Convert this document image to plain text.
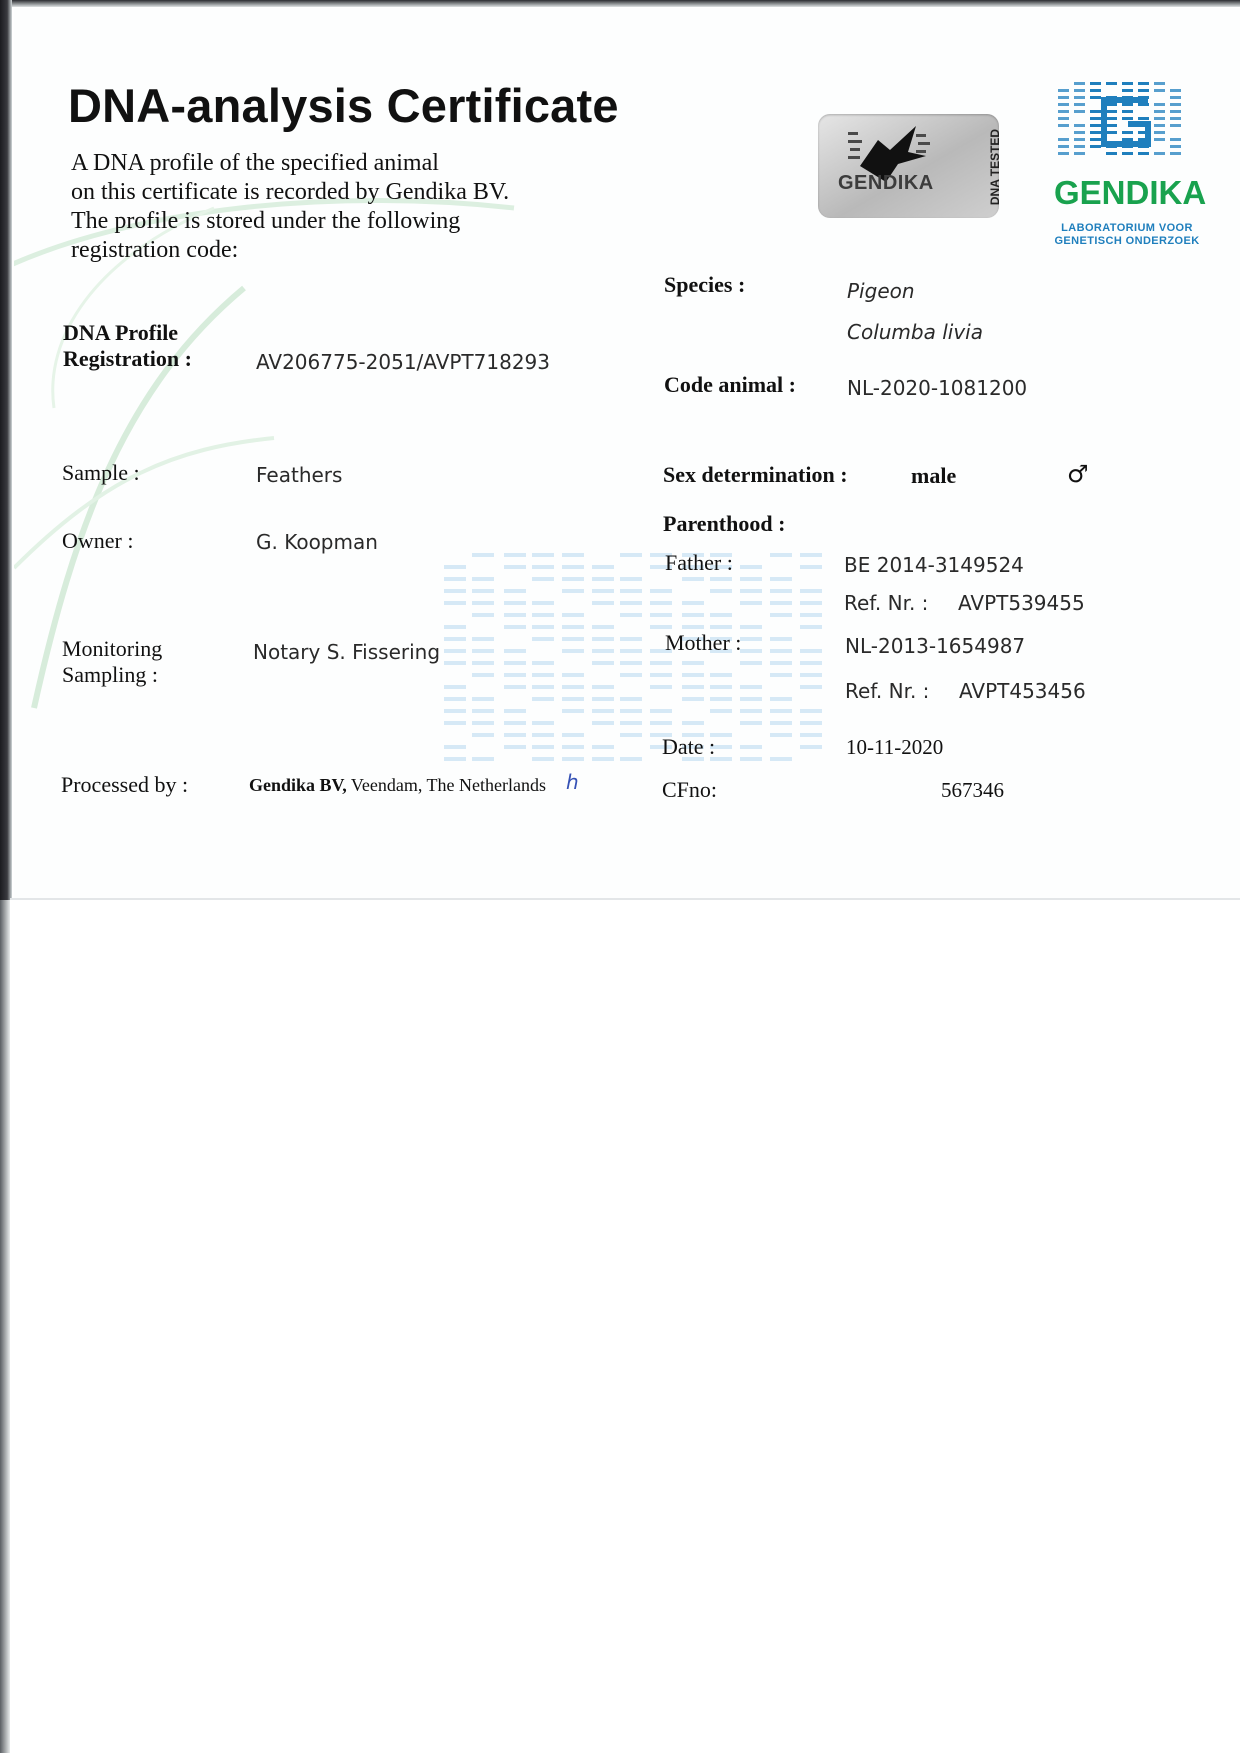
DNA-analysis Certificate
A DNA profile of the specified animal
on this certificate is recorded by Gendika BV.
The profile is stored under the following
registration code:
GENDIKA	DNA TESTED GENDIKA
LABORATORIUM VOOR
GENETISCH ONDERZOEK
DNA Profile
Registration :	AV206775-2051/AVPT718293
Sample :	Feathers
Owner :	G. Koopman
Monitoring
Sampling :
Notary S. Fissering
Processed by :	Gendika BV, Veendam, The Netherlands h
Species :	Pigeon
Columba livia
Code animal :	NL-2020-1081200
Sex determination :	male	♂
Parenthood :
Father :	BE 2014-3149524
Ref. Nr. : AVPT539455
Mother :	NL-2013-1654987
Ref. Nr. : AVPT453456
Date :	10-11-2020
CFno:	567346
